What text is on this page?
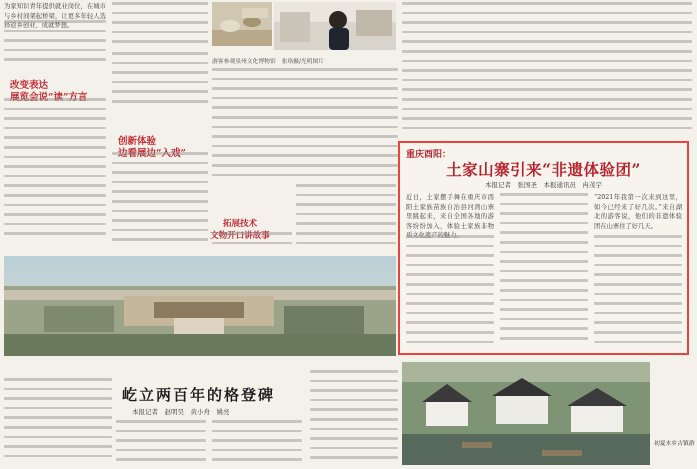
为家知识青年提供就业岗位，在城市与乡村间架起桥梁，让更多年轻人选择返乡创业、成就梦想。

改变表达
展览会说“读”方言

游客参观泉州文化博物馆　张珞摄/光明图片

创新体验
边看展边“入戏”

拓展技术
文物开口讲故事

重庆酉阳：
土家山寨引来“非遗体验团”
本报记者　张国圣　本报通讯员　冉茂宇
近日，土家摆手舞在重庆市酉阳土家族苗族自治县河湾山寨里跳起来，来自全国各地的游客纷纷加入，体验土家族非物质文化遗产的魅力。
“2021年我第一次来到这里，如今已经来了好几次。”来自湖北的游客说，他们的非遗体验团在山寨住了好几天。
屹立两百年的格登碑
本报记者　赵明昊　黄小舟　姚亮
初夏水乡古镇游
